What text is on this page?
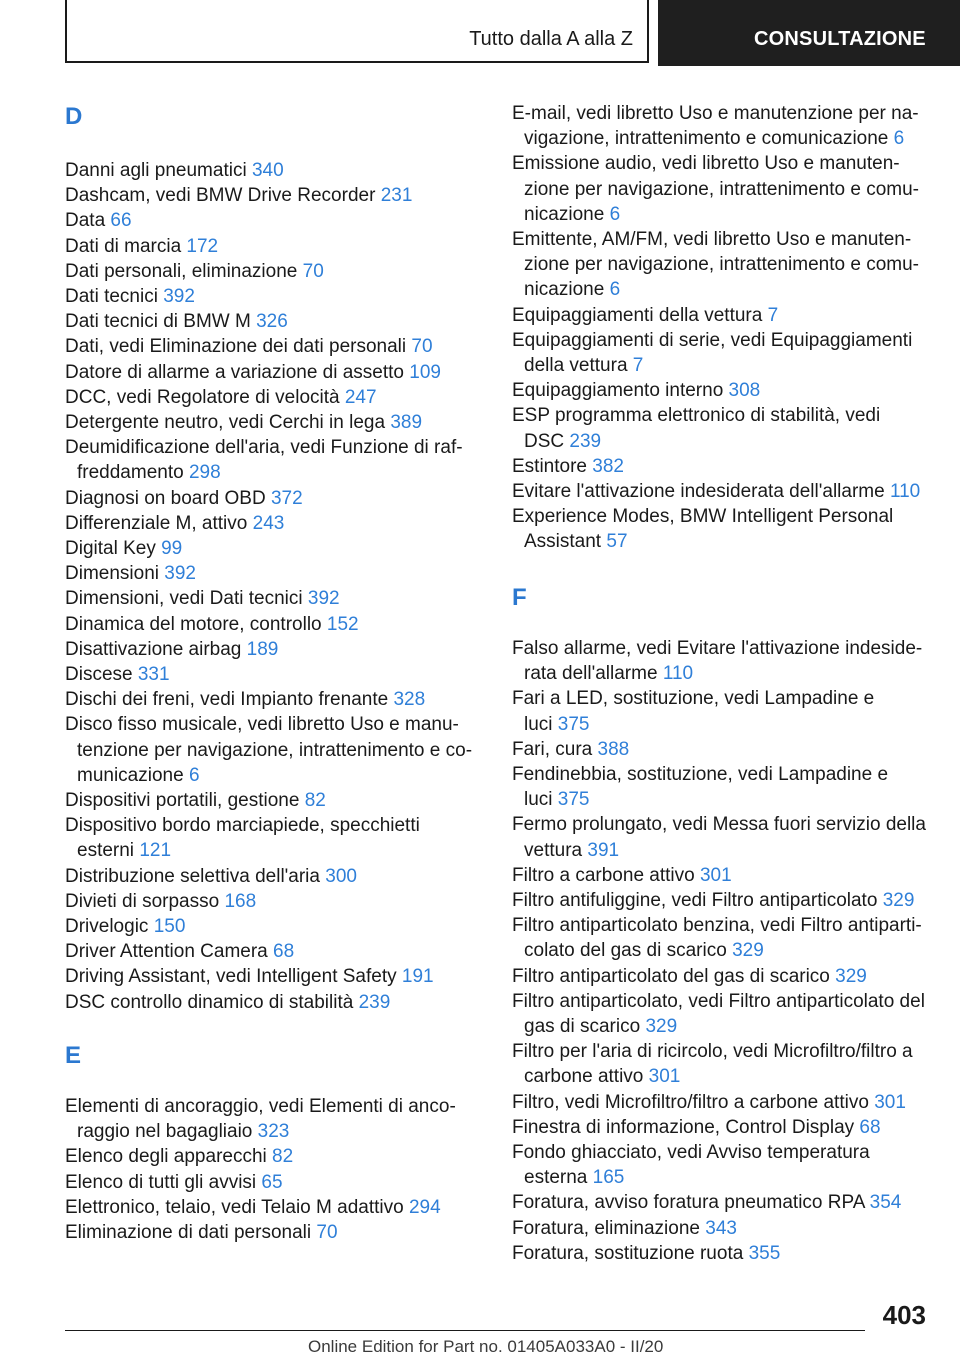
Tutto dalla A alla Z	CONSULTAZIONE
D
E
Danni agli pneumatici 340
Dashcam, vedi BMW Drive Recorder 231
Data 66
Dati di marcia 172
Dati personali, eliminazione 70
Dati tecnici 392
Dati tecnici di BMW M 326
Dati, vedi Eliminazione dei dati personali 70
Datore di allarme a variazione di assetto 109
DCC, vedi Regolatore di velocità 247
Detergente neutro, vedi Cerchi in lega 389
Deumidificazione dell'aria, vedi Funzione di raf-
freddamento 298
Diagnosi on board OBD 372
Differenziale M, attivo 243
Digital Key 99
Dimensioni 392
Dimensioni, vedi Dati tecnici 392
Dinamica del motore, controllo 152
Disattivazione airbag 189
Discese 331
Dischi dei freni, vedi Impianto frenante 328
Disco fisso musicale, vedi libretto Uso e manu-
tenzione per navigazione, intrattenimento e co-
municazione 6
Dispositivi portatili, gestione 82
Dispositivo bordo marciapiede, specchietti
esterni 121
Distribuzione selettiva dell'aria 300
Divieti di sorpasso 168
Drivelogic 150
Driver Attention Camera 68
Driving Assistant, vedi Intelligent Safety 191
DSC controllo dinamico di stabilità 239
Elementi di ancoraggio, vedi Elementi di anco-
raggio nel bagagliaio 323
Elenco degli apparecchi 82
Elenco di tutti gli avvisi 65
Elettronico, telaio, vedi Telaio M adattivo 294
Eliminazione di dati personali 70
F
E-mail, vedi libretto Uso e manutenzione per na-
vigazione, intrattenimento e comunicazione 6
Emissione audio, vedi libretto Uso e manuten-
zione per navigazione, intrattenimento e comu-
nicazione 6
Emittente, AM/FM, vedi libretto Uso e manuten-
zione per navigazione, intrattenimento e comu-
nicazione 6
Equipaggiamenti della vettura 7
Equipaggiamenti di serie, vedi Equipaggiamenti
della vettura 7
Equipaggiamento interno 308
ESP programma elettronico di stabilità, vedi
DSC 239
Estintore 382
Evitare l'attivazione indesiderata dell'allarme 110
Experience Modes, BMW Intelligent Personal
Assistant 57
Falso allarme, vedi Evitare l'attivazione indeside-
rata dell'allarme 110
Fari a LED, sostituzione, vedi Lampadine e
luci 375
Fari, cura 388
Fendinebbia, sostituzione, vedi Lampadine e
luci 375
Fermo prolungato, vedi Messa fuori servizio della
vettura 391
Filtro a carbone attivo 301
Filtro antifuliggine, vedi Filtro antiparticolato 329
Filtro antiparticolato benzina, vedi Filtro antiparti-
colato del gas di scarico 329
Filtro antiparticolato del gas di scarico 329
Filtro antiparticolato, vedi Filtro antiparticolato del
gas di scarico 329
Filtro per l'aria di ricircolo, vedi Microfiltro/filtro a
carbone attivo 301
Filtro, vedi Microfiltro/filtro a carbone attivo 301
Finestra di informazione, Control Display 68
Fondo ghiacciato, vedi Avviso temperatura
esterna 165
Foratura, avviso foratura pneumatico RPA 354
Foratura, eliminazione 343
Foratura, sostituzione ruota 355
403
Online Edition for Part no. 01405A033A0 - II/20
